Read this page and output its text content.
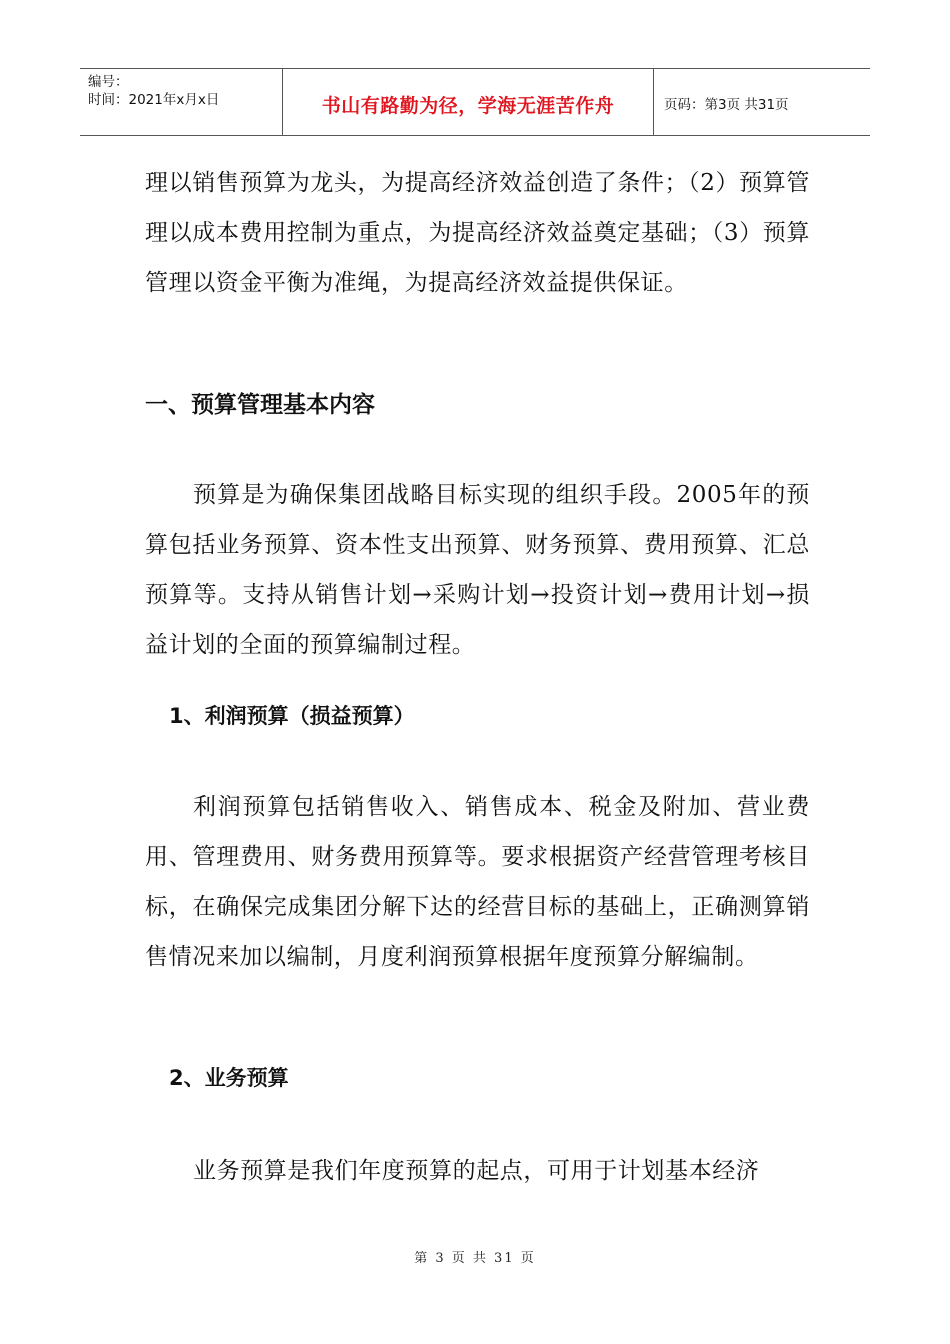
编号：
时间：2021年x月x日	书山有路勤为径，学海无涯苦作舟	页码：第3页 共31页

理以销售预算为龙头，为提高经济效益创造了条件；（2）预算管理以成本费用控制为重点，为提高经济效益奠定基础；（3）预算管理以资金平衡为准绳，为提高经济效益提供保证。

一、预算管理基本内容

预算是为确保集团战略目标实现的组织手段。2005年的预算包括业务预算、资本性支出预算、财务预算、费用预算、汇总预算等。支持从销售计划→采购计划→投资计划→费用计划→损益计划的全面的预算编制过程。

1、利润预算（损益预算）

利润预算包括销售收入、销售成本、税金及附加、营业费用、管理费用、财务费用预算等。要求根据资产经营管理考核目标，在确保完成集团分解下达的经营目标的基础上，正确测算销售情况来加以编制，月度利润预算根据年度预算分解编制。

2、业务预算

业务预算是我们年度预算的起点，可用于计划基本经济

第 3 页 共 31 页
